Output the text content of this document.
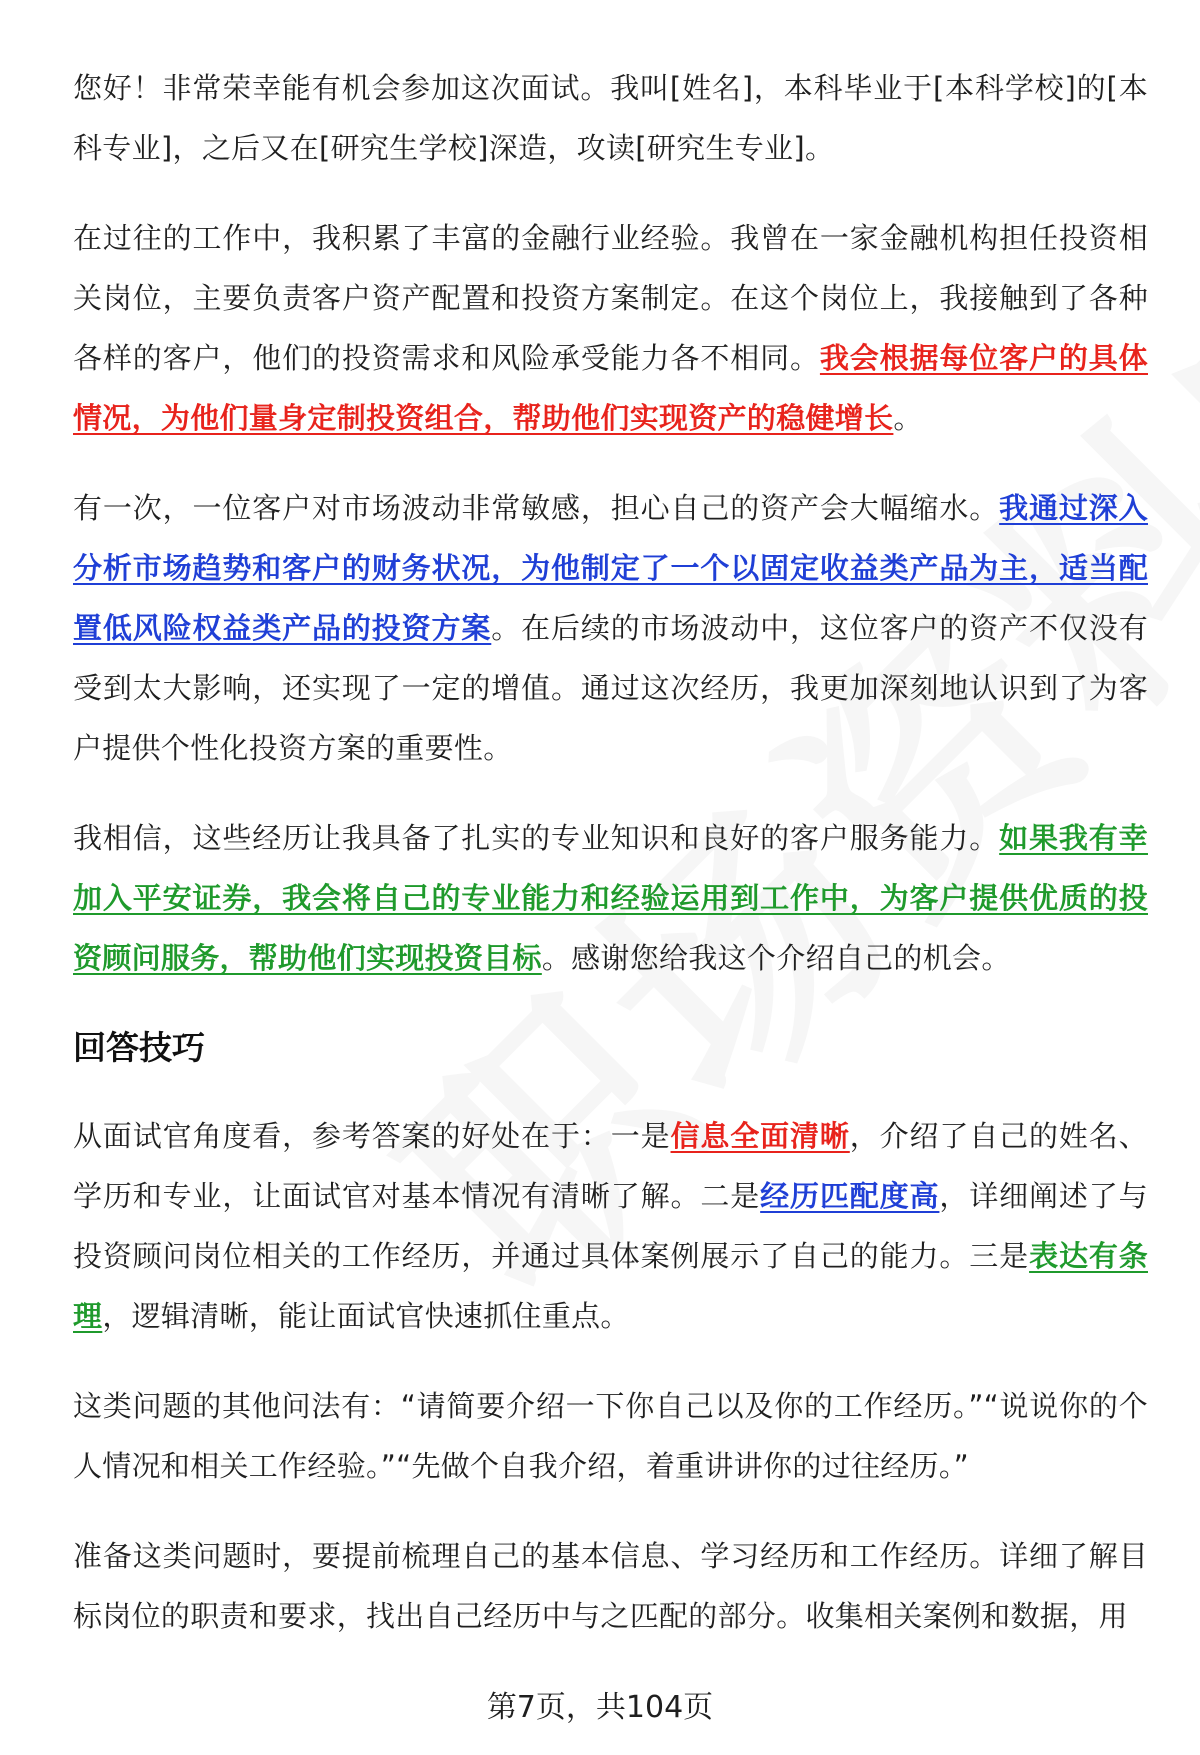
您好！非常荣幸能有机会参加这次面试。我叫[姓名]，本科毕业于[本科学校]的[本科专业]，之后又在[研究生学校]深造，攻读[研究生专业]。

在过往的工作中，我积累了丰富的金融行业经验。我曾在一家金融机构担任投资相关岗位，主要负责客户资产配置和投资方案制定。在这个岗位上，我接触到了各种各样的客户，他们的投资需求和风险承受能力各不相同。我会根据每位客户的具体情况，为他们量身定制投资组合，帮助他们实现资产的稳健增长。

有一次，一位客户对市场波动非常敏感，担心自己的资产会大幅缩水。我通过深入分析市场趋势和客户的财务状况，为他制定了一个以固定收益类产品为主，适当配置低风险权益类产品的投资方案。在后续的市场波动中，这位客户的资产不仅没有受到太大影响，还实现了一定的增值。通过这次经历，我更加深刻地认识到了为客户提供个性化投资方案的重要性。

我相信，这些经历让我具备了扎实的专业知识和良好的客户服务能力。如果我有幸加入平安证券，我会将自己的专业能力和经验运用到工作中，为客户提供优质的投资顾问服务，帮助他们实现投资目标。感谢您给我这个介绍自己的机会。

回答技巧

从面试官角度看，参考答案的好处在于：一是信息全面清晰，介绍了自己的姓名、学历和专业，让面试官对基本情况有清晰了解。二是经历匹配度高，详细阐述了与投资顾问岗位相关的工作经历，并通过具体案例展示了自己的能力。三是表达有条理，逻辑清晰，能让面试官快速抓住重点。

这类问题的其他问法有：“请简要介绍一下你自己以及你的工作经历。”“说说你的个人情况和相关工作经验。”“先做个自我介绍，着重讲讲你的过往经历。”

准备这类问题时，要提前梳理自己的基本信息、学习经历和工作经历。详细了解目标岗位的职责和要求，找出自己经历中与之匹配的部分。收集相关案例和数据，用

第7页，共104页
